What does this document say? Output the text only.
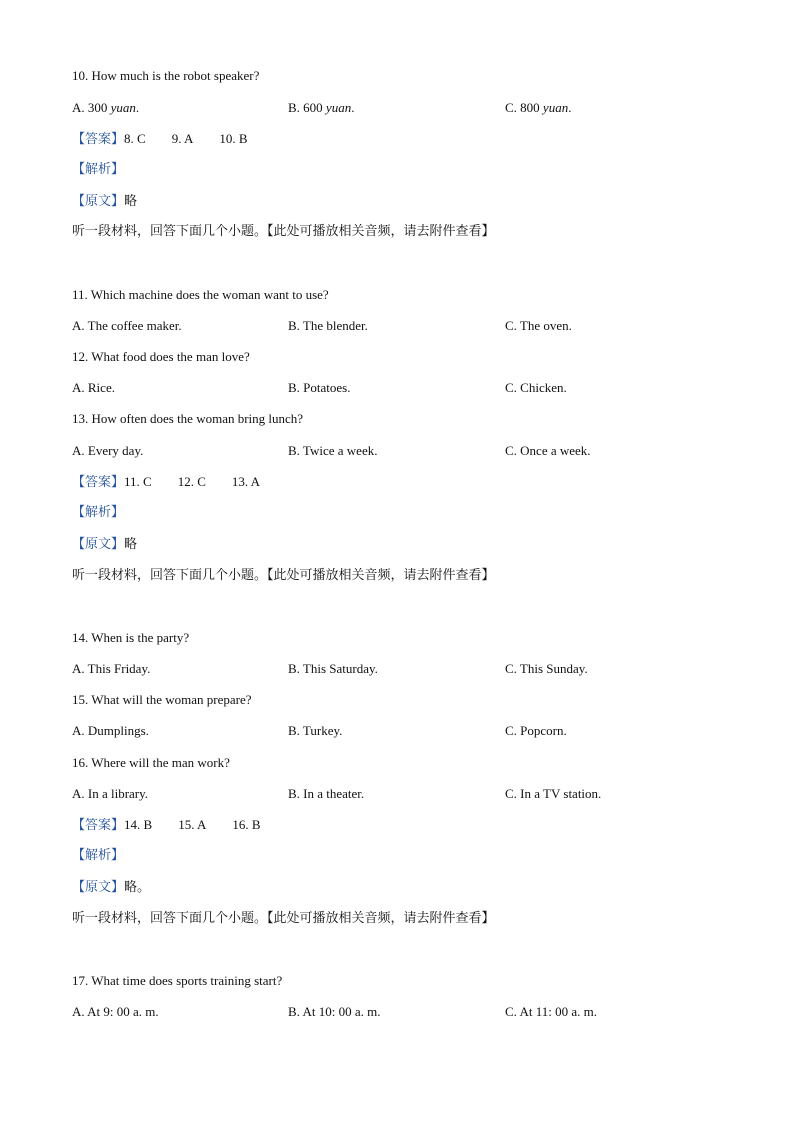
10. How much is the robot speaker?
A. 300 yuan.	B. 600 yuan.	C. 800 yuan.
【答案】8. C 9. A 10. B
【解析】
【原文】略
听一段材料，回答下面几个小题。【此处可播放相关音频，请去附件查看】
11. Which machine does the woman want to use?
A. The coffee maker.	B. The blender.	C. The oven.
12. What food does the man love?
A. Rice.	B. Potatoes.	C. Chicken.
13. How often does the woman bring lunch?
A. Every day.	B. Twice a week.	C. Once a week.
【答案】11. C 12. C 13. A
【解析】
【原文】略
听一段材料，回答下面几个小题。【此处可播放相关音频，请去附件查看】
14. When is the party?
A. This Friday.	B. This Saturday.	C. This Sunday.
15. What will the woman prepare?
A. Dumplings.	B. Turkey.	C. Popcorn.
16. Where will the man work?
A. In a library.	B. In a theater.	C. In a TV station.
【答案】14. B 15. A 16. B
【解析】
【原文】略。
听一段材料，回答下面几个小题。【此处可播放相关音频，请去附件查看】
17. What time does sports training start?
A. At 9: 00 a. m.	B. At 10: 00 a. m.	C. At 11: 00 a. m.
